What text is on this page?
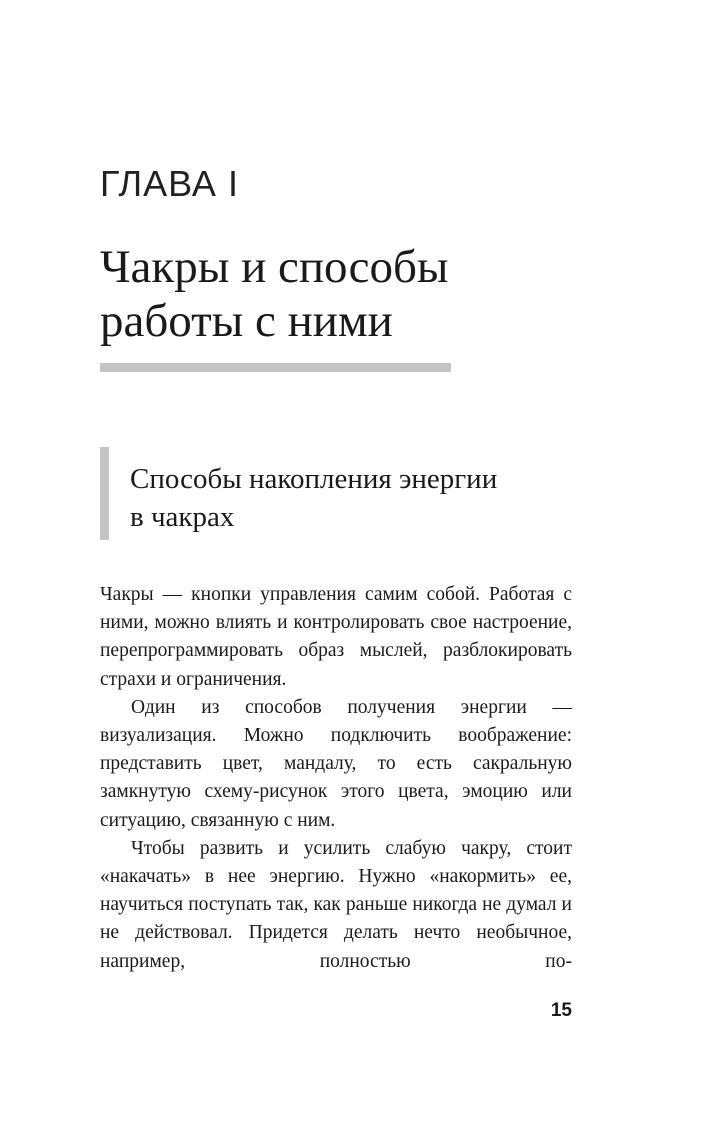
ГЛАВА I
Чакры и способы
работы с ними
Способы накопления энергии
в чакрах

Чакры — кнопки управления самим собой. Работая с ними, можно влиять и контролировать свое настроение, перепрограммировать образ мыслей, разблокировать страхи и ограничения.

Один из способов получения энергии — визуализация. Можно подключить воображение: представить цвет, мандалу, то есть сакральную замкнутую схему-рисунок этого цвета, эмоцию или ситуацию, связанную с ним.

Чтобы развить и усилить слабую чакру, стоит «накачать» в нее энергию. Нужно «накормить» ее, научиться поступать так, как раньше никогда не думал и не действовал. Придется делать нечто необычное, например, полностью по-

15
